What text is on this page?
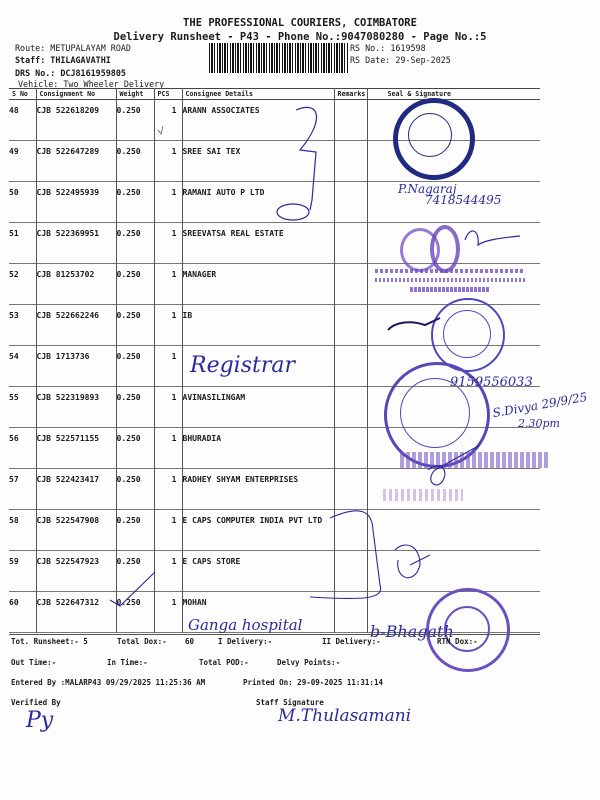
THE PROFESSIONAL COURIERS, COIMBATORE
Delivery Runsheet - P43 - Phone No.:9047080280 - Page No.:5
Route: METUPALAYAM ROAD
Staff: THILAGAVATHI
DRS No.: DCJ8161959805
Vehicle: Two Wheeler Delivery
RS No.: 1619598
RS Date: 29-Sep-2025
S No	Consignment No	Weight	PCS	Consignee Details	Remarks	Seal & Signature
48	CJB 522618209	0.250	1	ARANN ASSOCIATES		
49	CJB 522647289	0.250	1	SREE SAI TEX		
50	CJB 522495939	0.250	1	RAMANI AUTO P LTD		
51	CJB 522369951	0.250	1	SREEVATSA REAL ESTATE		
52	CJB 81253702	0.250	1	MANAGER		
53	CJB 522662246	0.250	1	IB		
54	CJB 1713736	0.250	1			
55	CJB 522319893	0.250	1	AVINASILINGAM		
56	CJB 522571155	0.250	1	BHURADIA		
57	CJB 522423417	0.250	1	RADHEY SHYAM ENTERPRISES		
58	CJB 522547908	0.250	1	E CAPS COMPUTER INDIA PVT LTD		
59	CJB 522547923	0.250	1	E CAPS STORE		
60	CJB 522647312	0.250	1	MOHAN		
Registrar
Ganga hospital
P.Nagaraj
7418544495
9159556033
S.Divya 29/9/25
2.30pm
b-Bhagath
Tot. Runsheet:- 5	Total Dox:- 60	I Delivery:-	II Delivery:-	RTN Dox:-
Out Time:-	In Time:-	Total POD:-	Delvy Points:-
Entered By :MALARP43 09/29/2025 11:25:36 AM	Printed On: 29-09-2025 11:31:14
Verified By	Staff Signature
Py	M.Thulasamani
